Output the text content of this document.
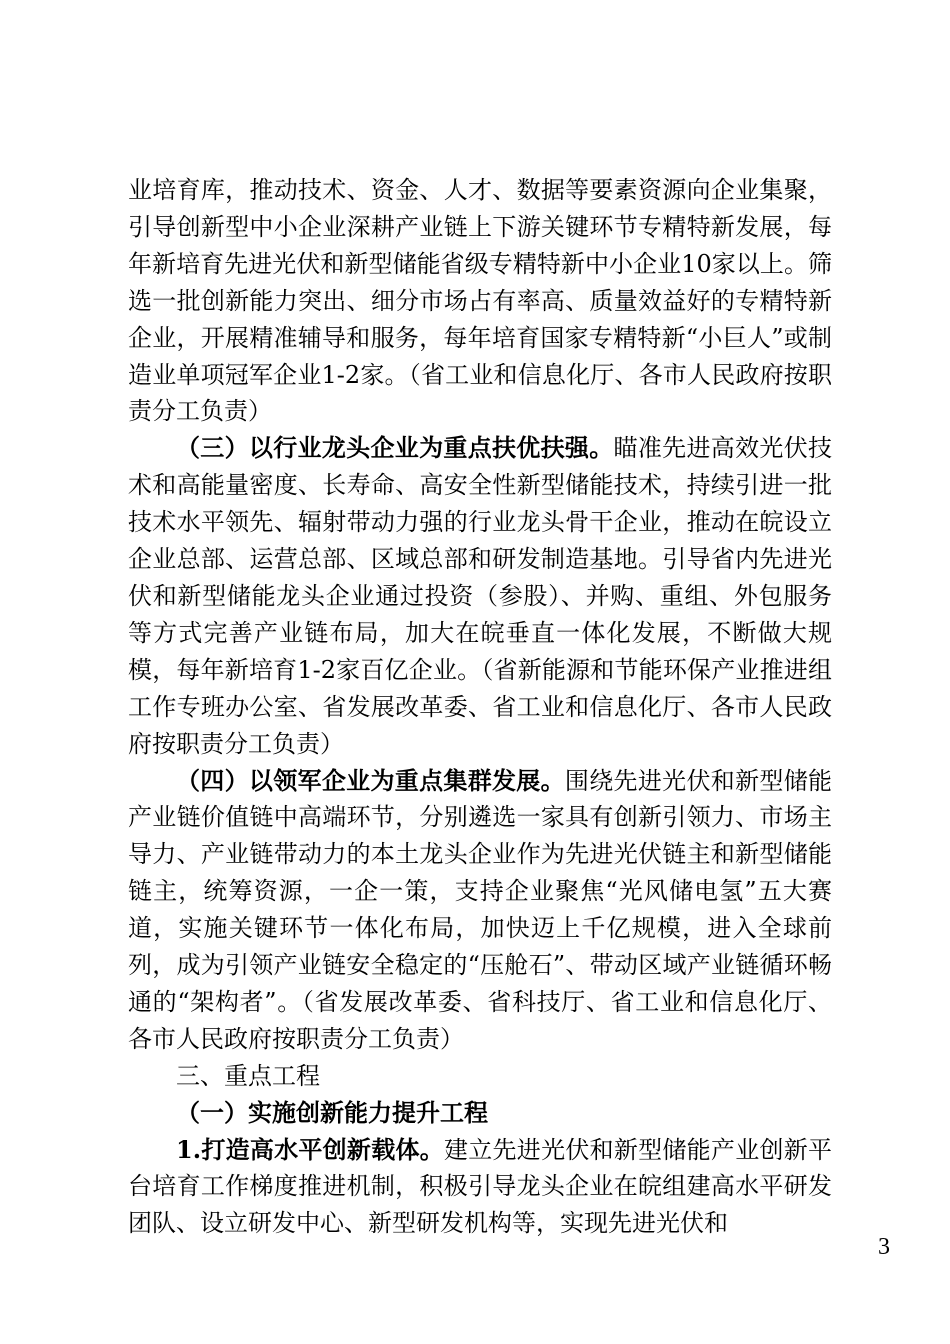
业培育库，推动技术、资金、人才、数据等要素资源向企业集聚，引导创新型中小企业深耕产业链上下游关键环节专精特新发展，每年新培育先进光伏和新型储能省级专精特新中小企业10家以上。筛选一批创新能力突出、细分市场占有率高、质量效益好的专精特新企业，开展精准辅导和服务，每年培育国家专精特新“小巨人”或制造业单项冠军企业1-2家。（省工业和信息化厅、各市人民政府按职责分工负责）

（三）以行业龙头企业为重点扶优扶强。瞄准先进高效光伏技术和高能量密度、长寿命、高安全性新型储能技术，持续引进一批技术水平领先、辐射带动力强的行业龙头骨干企业，推动在皖设立企业总部、运营总部、区域总部和研发制造基地。引导省内先进光伏和新型储能龙头企业通过投资（参股）、并购、重组、外包服务等方式完善产业链布局，加大在皖垂直一体化发展，不断做大规模，每年新培育1-2家百亿企业。（省新能源和节能环保产业推进组工作专班办公室、省发展改革委、省工业和信息化厅、各市人民政府按职责分工负责）

（四）以领军企业为重点集群发展。围绕先进光伏和新型储能产业链价值链中高端环节，分别遴选一家具有创新引领力、市场主导力、产业链带动力的本土龙头企业作为先进光伏链主和新型储能链主，统筹资源，一企一策，支持企业聚焦“光风储电氢”五大赛道，实施关键环节一体化布局，加快迈上千亿规模，进入全球前列，成为引领产业链安全稳定的“压舱石”、带动区域产业链循环畅通的“架构者”。（省发展改革委、省科技厅、省工业和信息化厅、各市人民政府按职责分工负责）

三、重点工程

（一）实施创新能力提升工程

1.打造高水平创新载体。建立先进光伏和新型储能产业创新平台培育工作梯度推进机制，积极引导龙头企业在皖组建高水平研发团队、设立研发中心、新型研发机构等，实现先进光伏和

3
